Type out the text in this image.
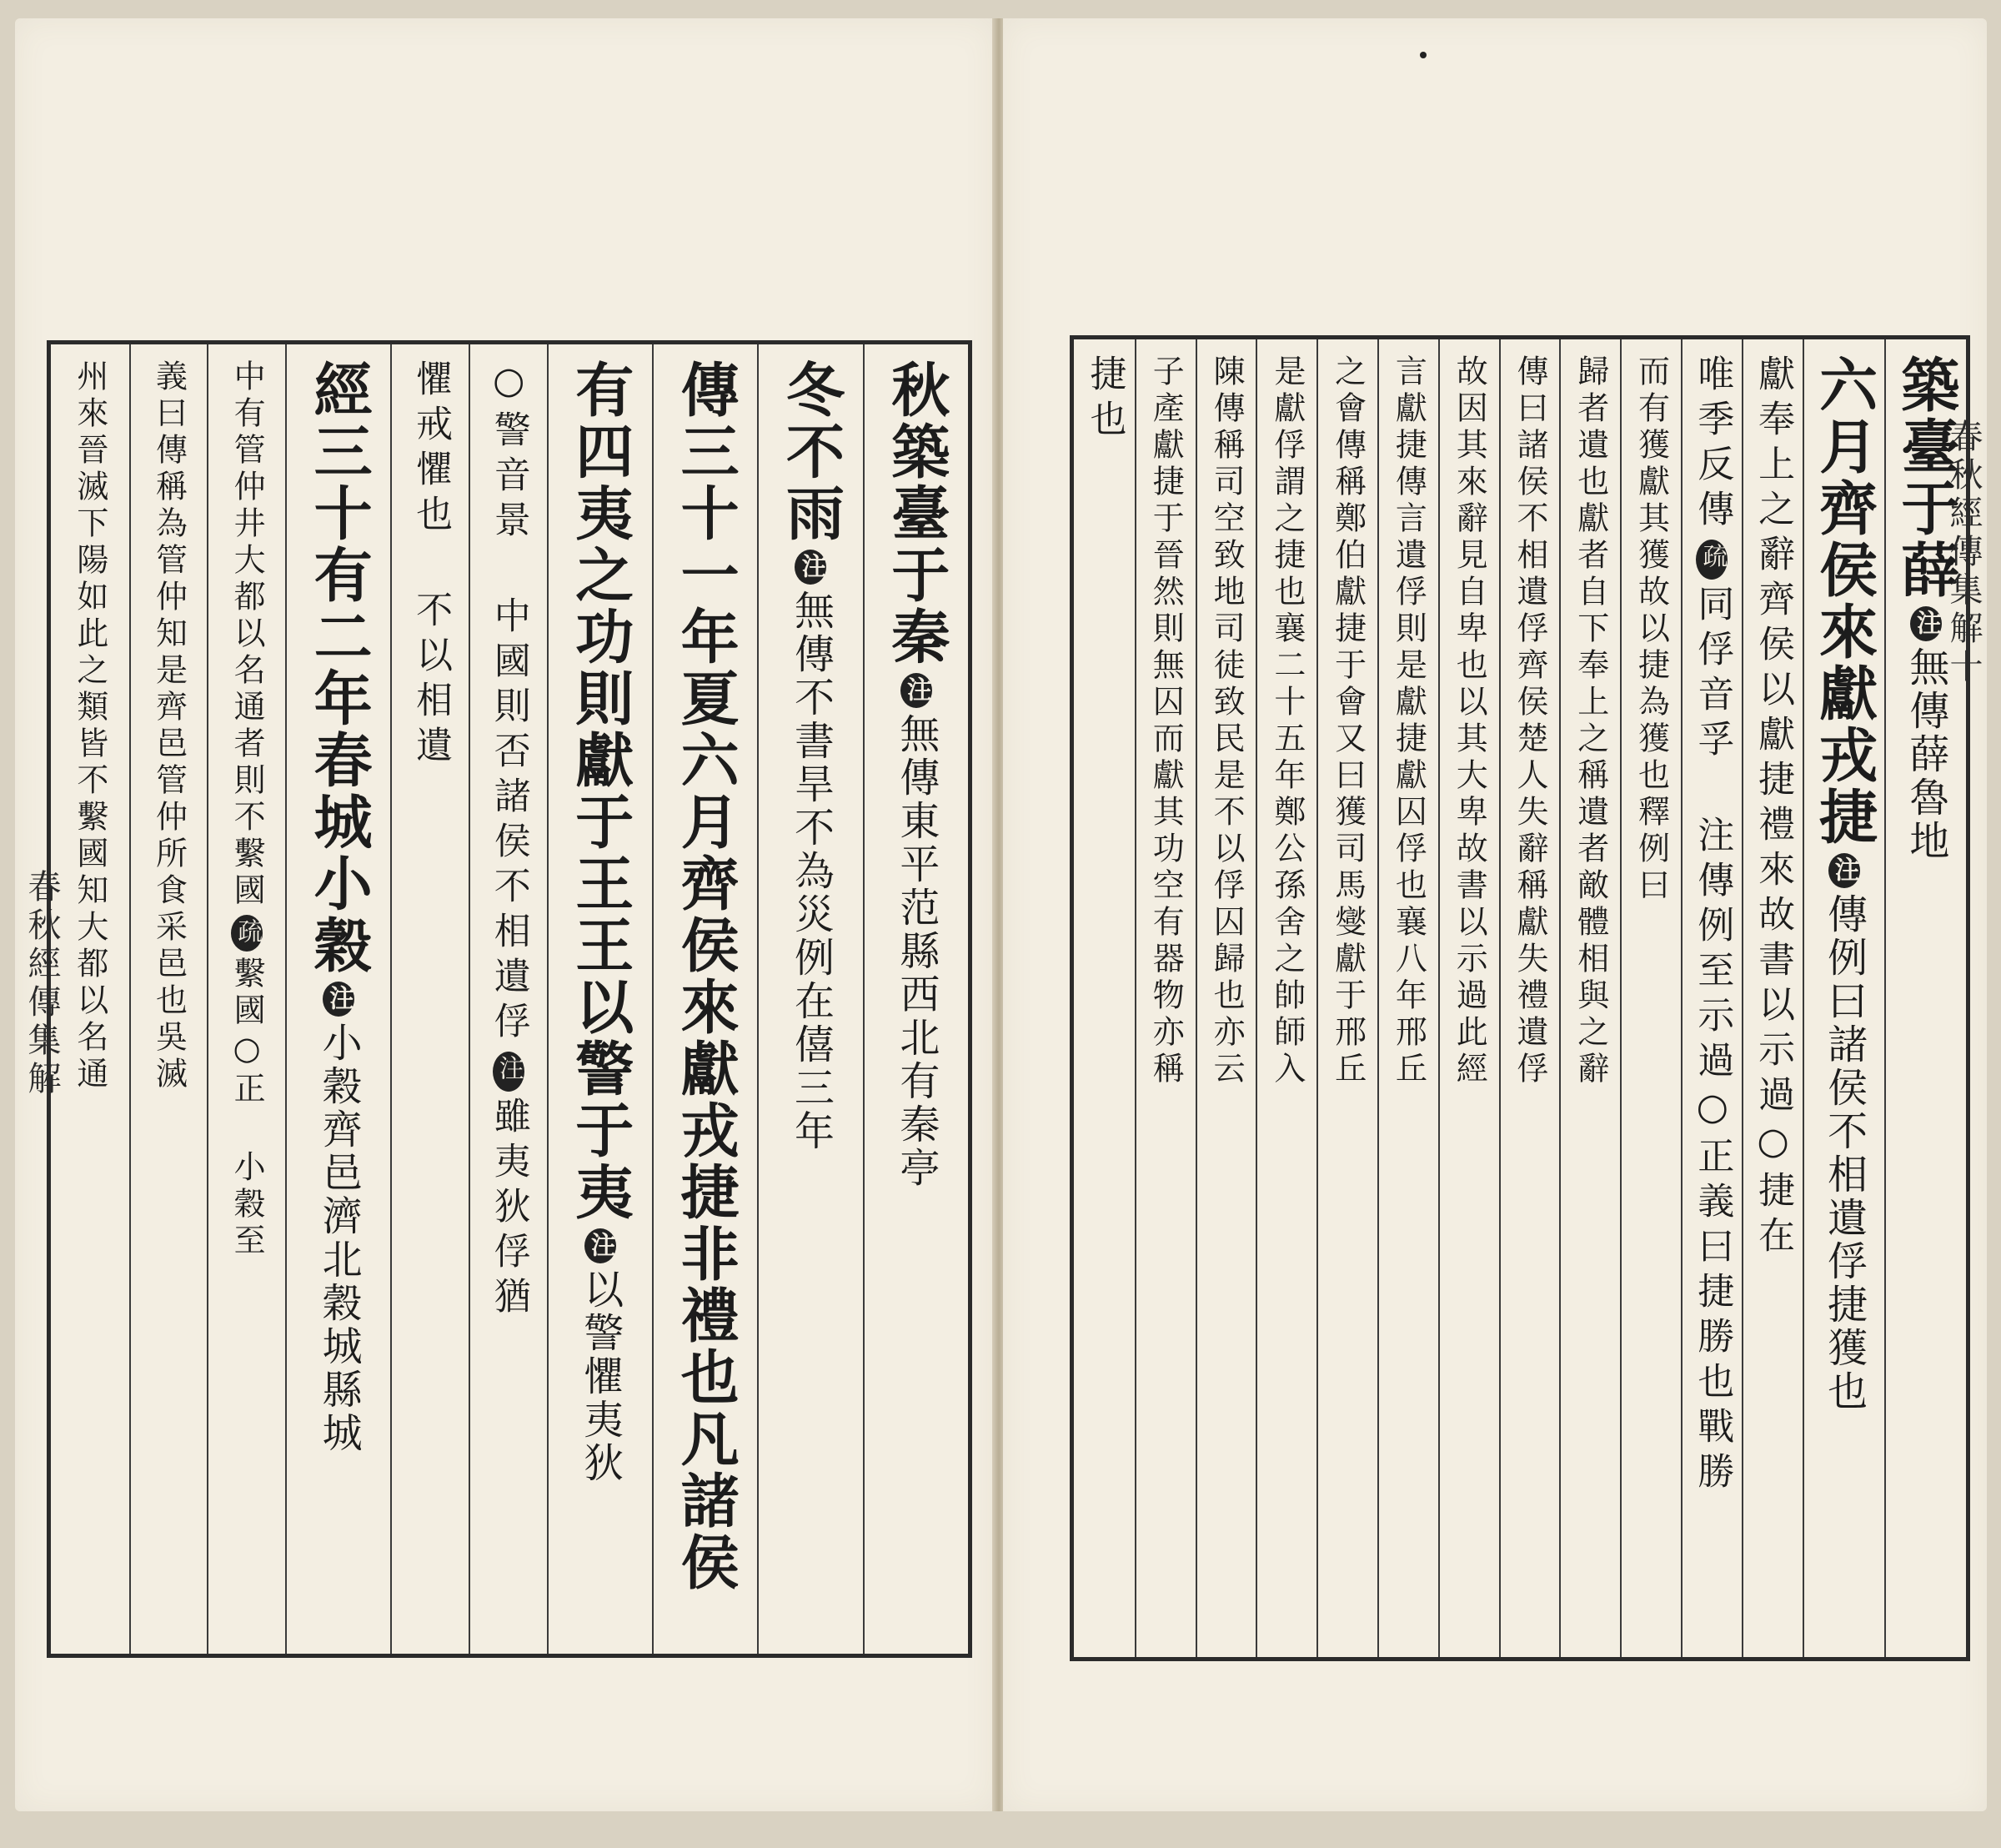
秋築臺于秦注無傳東平范縣西北有秦亭
冬不雨注無傳不書旱不為災例在僖三年
傳三十一年夏六月齊侯來獻戎捷非禮也凡諸侯
有四夷之功則獻于王王以警于夷注以警懼夷狄
○警音景 中國則否諸侯不相遺俘注雖夷狄俘猶
懼戒懼也 不以相遺
經三十有二年春城小穀注小穀齊邑濟北穀城縣城
中有管仲井大都以名通者則不繫國疏繫國○正 小穀至
義曰傳稱為管仲知是齊邑管仲所食采邑也吳滅
州來晉滅下陽如此之類皆不繫國知大都以名通
春秋經傳集解
築臺于薛注無傳薛魯地
六月齊侯來獻戎捷注傳例曰諸侯不相遺俘捷獲也
獻奉上之辭齊侯以獻捷禮來故書以示過○捷在
唯季反傳疏同俘音孚 注傳例至示過○正義曰捷勝也戰勝
而有獲獻其獲故以捷為獲也釋例曰
歸者遺也獻者自下奉上之稱遺者敵體相與之辭
傳曰諸侯不相遺俘齊侯楚人失辭稱獻失禮遺俘
故因其來辭見自卑也以其大卑故書以示過此經
言獻捷傳言遺俘則是獻捷獻囚俘也襄八年邢丘
之會傳稱鄭伯獻捷于會又曰獲司馬燮獻于邢丘
是獻俘謂之捷也襄二十五年鄭公孫舍之帥師入
陳傳稱司空致地司徒致民是不以俘囚歸也亦云
子產獻捷于晉然則無囚而獻其功空有器物亦稱
捷也
春秋經傳集解十
